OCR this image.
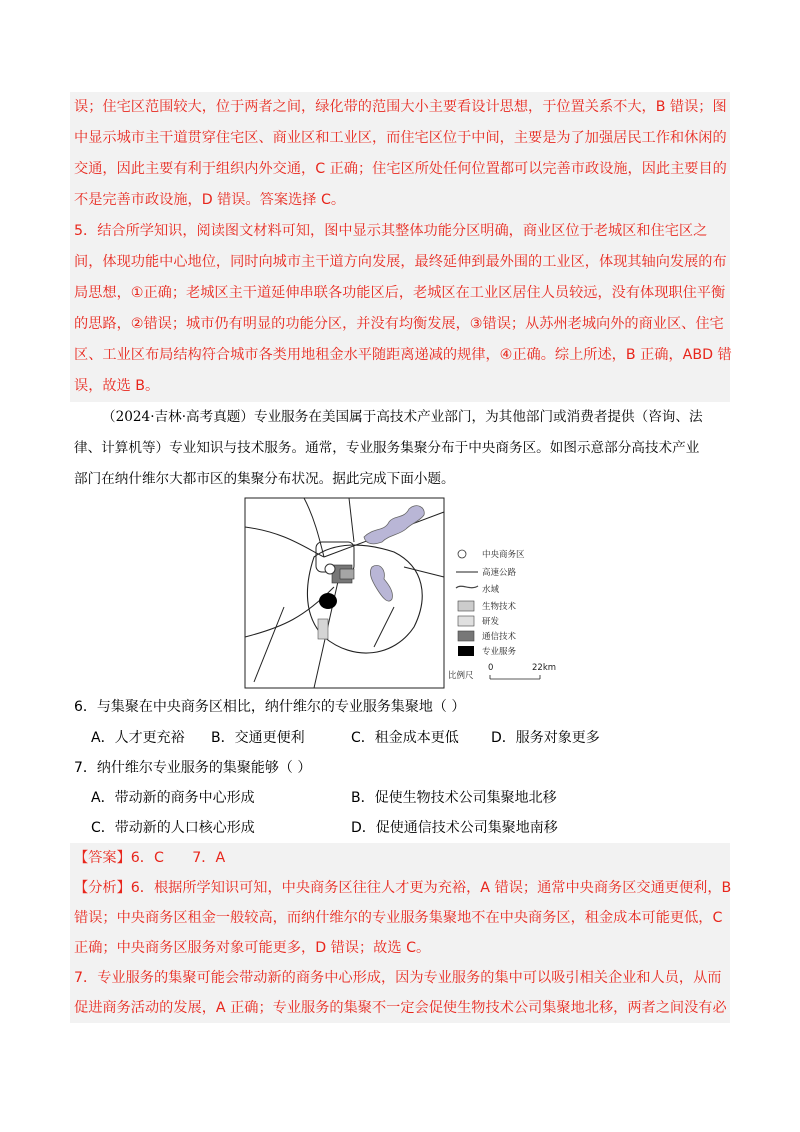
误；住宅区范围较大，位于两者之间，绿化带的范围大小主要看设计思想，于位置关系不大，B 错误；图
中显示城市主干道贯穿住宅区、商业区和工业区，而住宅区位于中间，主要是为了加强居民工作和休闲的
交通，因此主要有利于组织内外交通，C 正确；住宅区所处任何位置都可以完善市政设施，因此主要目的
不是完善市政设施，D 错误。答案选择 C。
5．结合所学知识，阅读图文材料可知，图中显示其整体功能分区明确，商业区位于老城区和住宅区之
间，体现功能中心地位，同时向城市主干道方向发展，最终延伸到最外围的工业区，体现其轴向发展的布
局思想，①正确；老城区主干道延伸串联各功能区后，老城区在工业区居住人员较远，没有体现职住平衡
的思路，②错误；城市仍有明显的功能分区，并没有均衡发展，③错误；从苏州老城向外的商业区、住宅
区、工业区布局结构符合城市各类用地租金水平随距离递减的规律，④正确。综上所述，B 正确，ABD 错
误，故选 B。
（2024·吉林·高考真题）专业服务在美国属于高技术产业部门，为其他部门或消费者提供（咨询、法
律、计算机等）专业知识与技术服务。通常，专业服务集聚分布于中央商务区。如图示意部分高技术产业
部门在纳什维尔大都市区的集聚分布状况。据此完成下面小题。
中央商务区
高速公路
水域
生物技术
研发
通信技术
专业服务
比例尺
0	22km
6．与集聚在中央商务区相比，纳什维尔的专业服务集聚地（ ）
A．人才更充裕 B．交通更便利	C．租金成本更低 D．服务对象更多
7．纳什维尔专业服务的集聚能够（ ）
A．带动新的商务中心形成	B．促使生物技术公司集聚地北移
C．带动新的人口核心形成	D．促使通信技术公司集聚地南移
【答案】6．C　　7．A
【分析】6．根据所学知识可知，中央商务区往往人才更为充裕，A 错误；通常中央商务区交通更便利，B
错误；中央商务区租金一般较高，而纳什维尔的专业服务集聚地不在中央商务区，租金成本可能更低，C
正确；中央商务区服务对象可能更多，D 错误；故选 C。
7．专业服务的集聚可能会带动新的商务中心形成，因为专业服务的集中可以吸引相关企业和人员，从而
促进商务活动的发展，A 正确；专业服务的集聚不一定会促使生物技术公司集聚地北移，两者之间没有必
